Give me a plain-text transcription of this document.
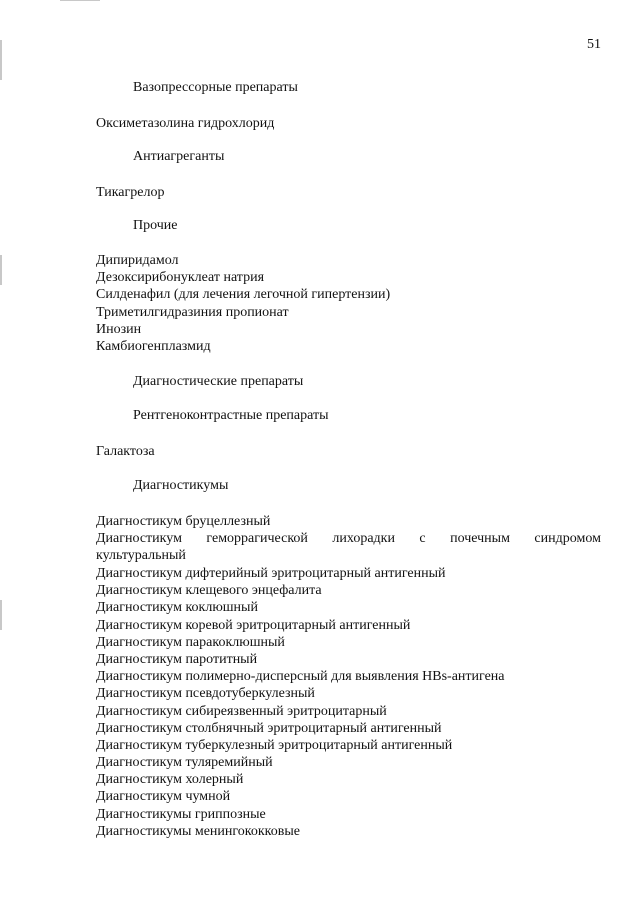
51
Вазопрессорные препараты
Оксиметазолина гидрохлорид
Антиагреганты
Тикагрелор
Прочие
Дипиридамол
Дезоксирибонуклеат натрия
Силденафил (для лечения легочной гипертензии)
Триметилгидразиния пропионат
Инозин
Камбиогенплазмид
Диагностические препараты
Рентгеноконтрастные препараты
Галактоза
Диагностикумы
Диагностикум бруцеллезный
Диагностикум геморрагической лихорадки с почечным синдромом
культуральный
Диагностикум дифтерийный эритроцитарный антигенный
Диагностикум клещевого энцефалита
Диагностикум коклюшный
Диагностикум коревой эритроцитарный антигенный
Диагностикум паракоклюшный
Диагностикум паротитный
Диагностикум полимерно-дисперсный для выявления HBs-антигена
Диагностикум псевдотуберкулезный
Диагностикум сибиреязвенный эритроцитарный
Диагностикум столбнячный эритроцитарный антигенный
Диагностикум туберкулезный эритроцитарный антигенный
Диагностикум туляремийный
Диагностикум холерный
Диагностикум чумной
Диагностикумы гриппозные
Диагностикумы менингококковые
